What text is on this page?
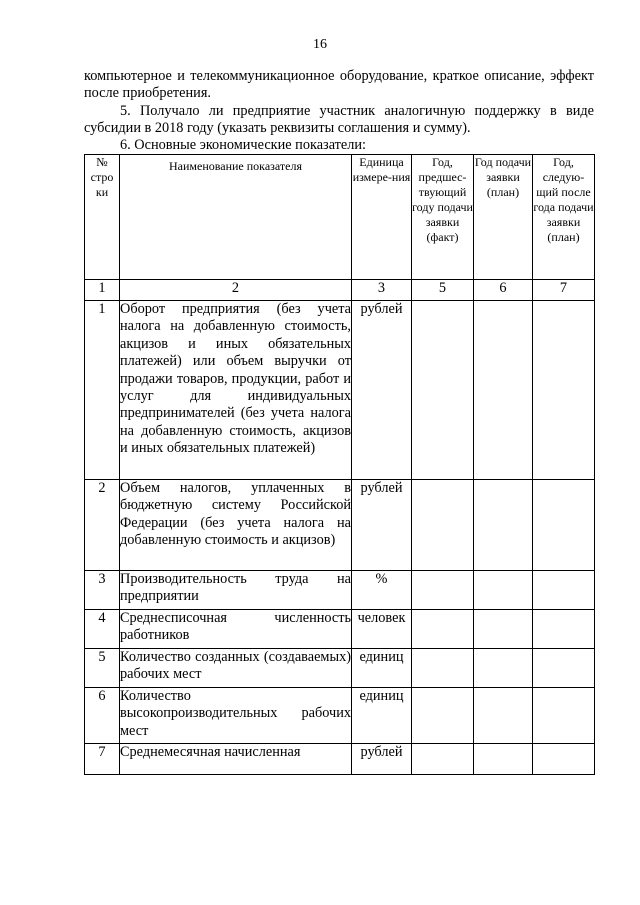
16
компьютерное и телекоммуникационное оборудование, краткое описание, эффект после приобретения.
5. Получало ли предприятие участник аналогичную поддержку в виде субсидии в 2018 году (указать реквизиты соглашения и сумму).
6. Основные экономические показатели:
№ стро ки	Наименование показателя	Единица измере-ния	Год, предшес-твующий году подачи заявки (факт)	Год подачи заявки (план)	Год, следую-щий после года подачи заявки (план)
1	2	3	5	6	7
1	Оборот предприятия (без учета налога на добавленную стоимость, акцизов и иных обязательных платежей) или объем выручки от продажи товаров, продукции, работ и услуг для индивидуальных предпринимателей (без учета налога на добавленную стоимость, акцизов и иных обязательных платежей)	рублей			
2	Объем налогов, уплаченных в бюджетную систему Российской Федерации (без учета налога на добавленную стоимость и акцизов)	рублей			
3	Производительность труда на предприятии	%			
4	Среднесписочная численность работников	человек			
5	Количество созданных (создаваемых) рабочих мест	единиц			
6	Количество высокопроизводительных рабочих мест	единиц			
7	Среднемесячная начисленная	рублей			
